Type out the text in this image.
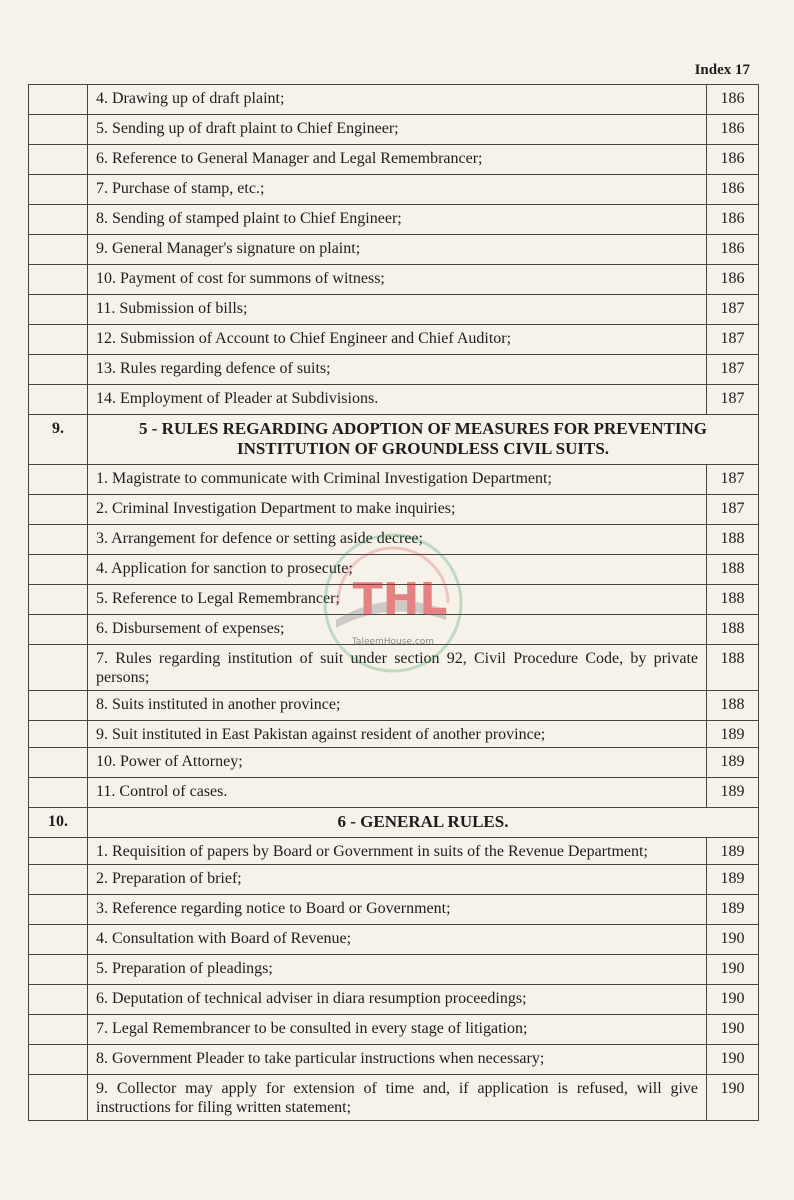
Index 17
	4. Drawing up of draft plaint;	186
	5. Sending up of draft plaint to Chief Engineer;	186
	6. Reference to General Manager and Legal Remembrancer;	186
	7. Purchase of stamp, etc.;	186
	8. Sending of stamped plaint to Chief Engineer;	186
	9. General Manager's signature on plaint;	186
	10. Payment of cost for summons of witness;	186
	11. Submission of bills;	187
	12. Submission of Account to Chief Engineer and Chief Auditor;	187
	13. Rules regarding defence of suits;	187
	14. Employment of Pleader at Subdivisions.	187
9.	5 - RULES REGARDING ADOPTION OF MEASURES FOR PREVENTING INSTITUTION OF GROUNDLESS CIVIL SUITS.	
	1. Magistrate to communicate with Criminal Investigation Department;	187
	2. Criminal Investigation Department to make inquiries;	187
	3. Arrangement for defence or setting aside decree;	188
	4. Application for sanction to prosecute;	188
	5. Reference to Legal Remembrancer;	188
	6. Disbursement of expenses;	188
	7. Rules regarding institution of suit under section 92, Civil Procedure Code, by private persons;	188
	8. Suits instituted in another province;	188
	9. Suit instituted in East Pakistan against resident of another province;	189
	10. Power of Attorney;	189
	11. Control of cases.	189
10.	6 - GENERAL RULES.	
	1. Requisition of papers by Board or Government in suits of the Revenue Department;	189
	2. Preparation of brief;	189
	3. Reference regarding notice to Board or Government;	189
	4. Consultation with Board of Revenue;	190
	5. Preparation of pleadings;	190
	6. Deputation of technical adviser in diara resumption proceedings;	190
	7. Legal Remembrancer to be consulted in every stage of litigation;	190
	8. Government Pleader to take particular instructions when necessary;	190
	9. Collector may apply for extension of time and, if application is refused, will give instructions for filing written statement;	190
THL
TaleemHouse.com
